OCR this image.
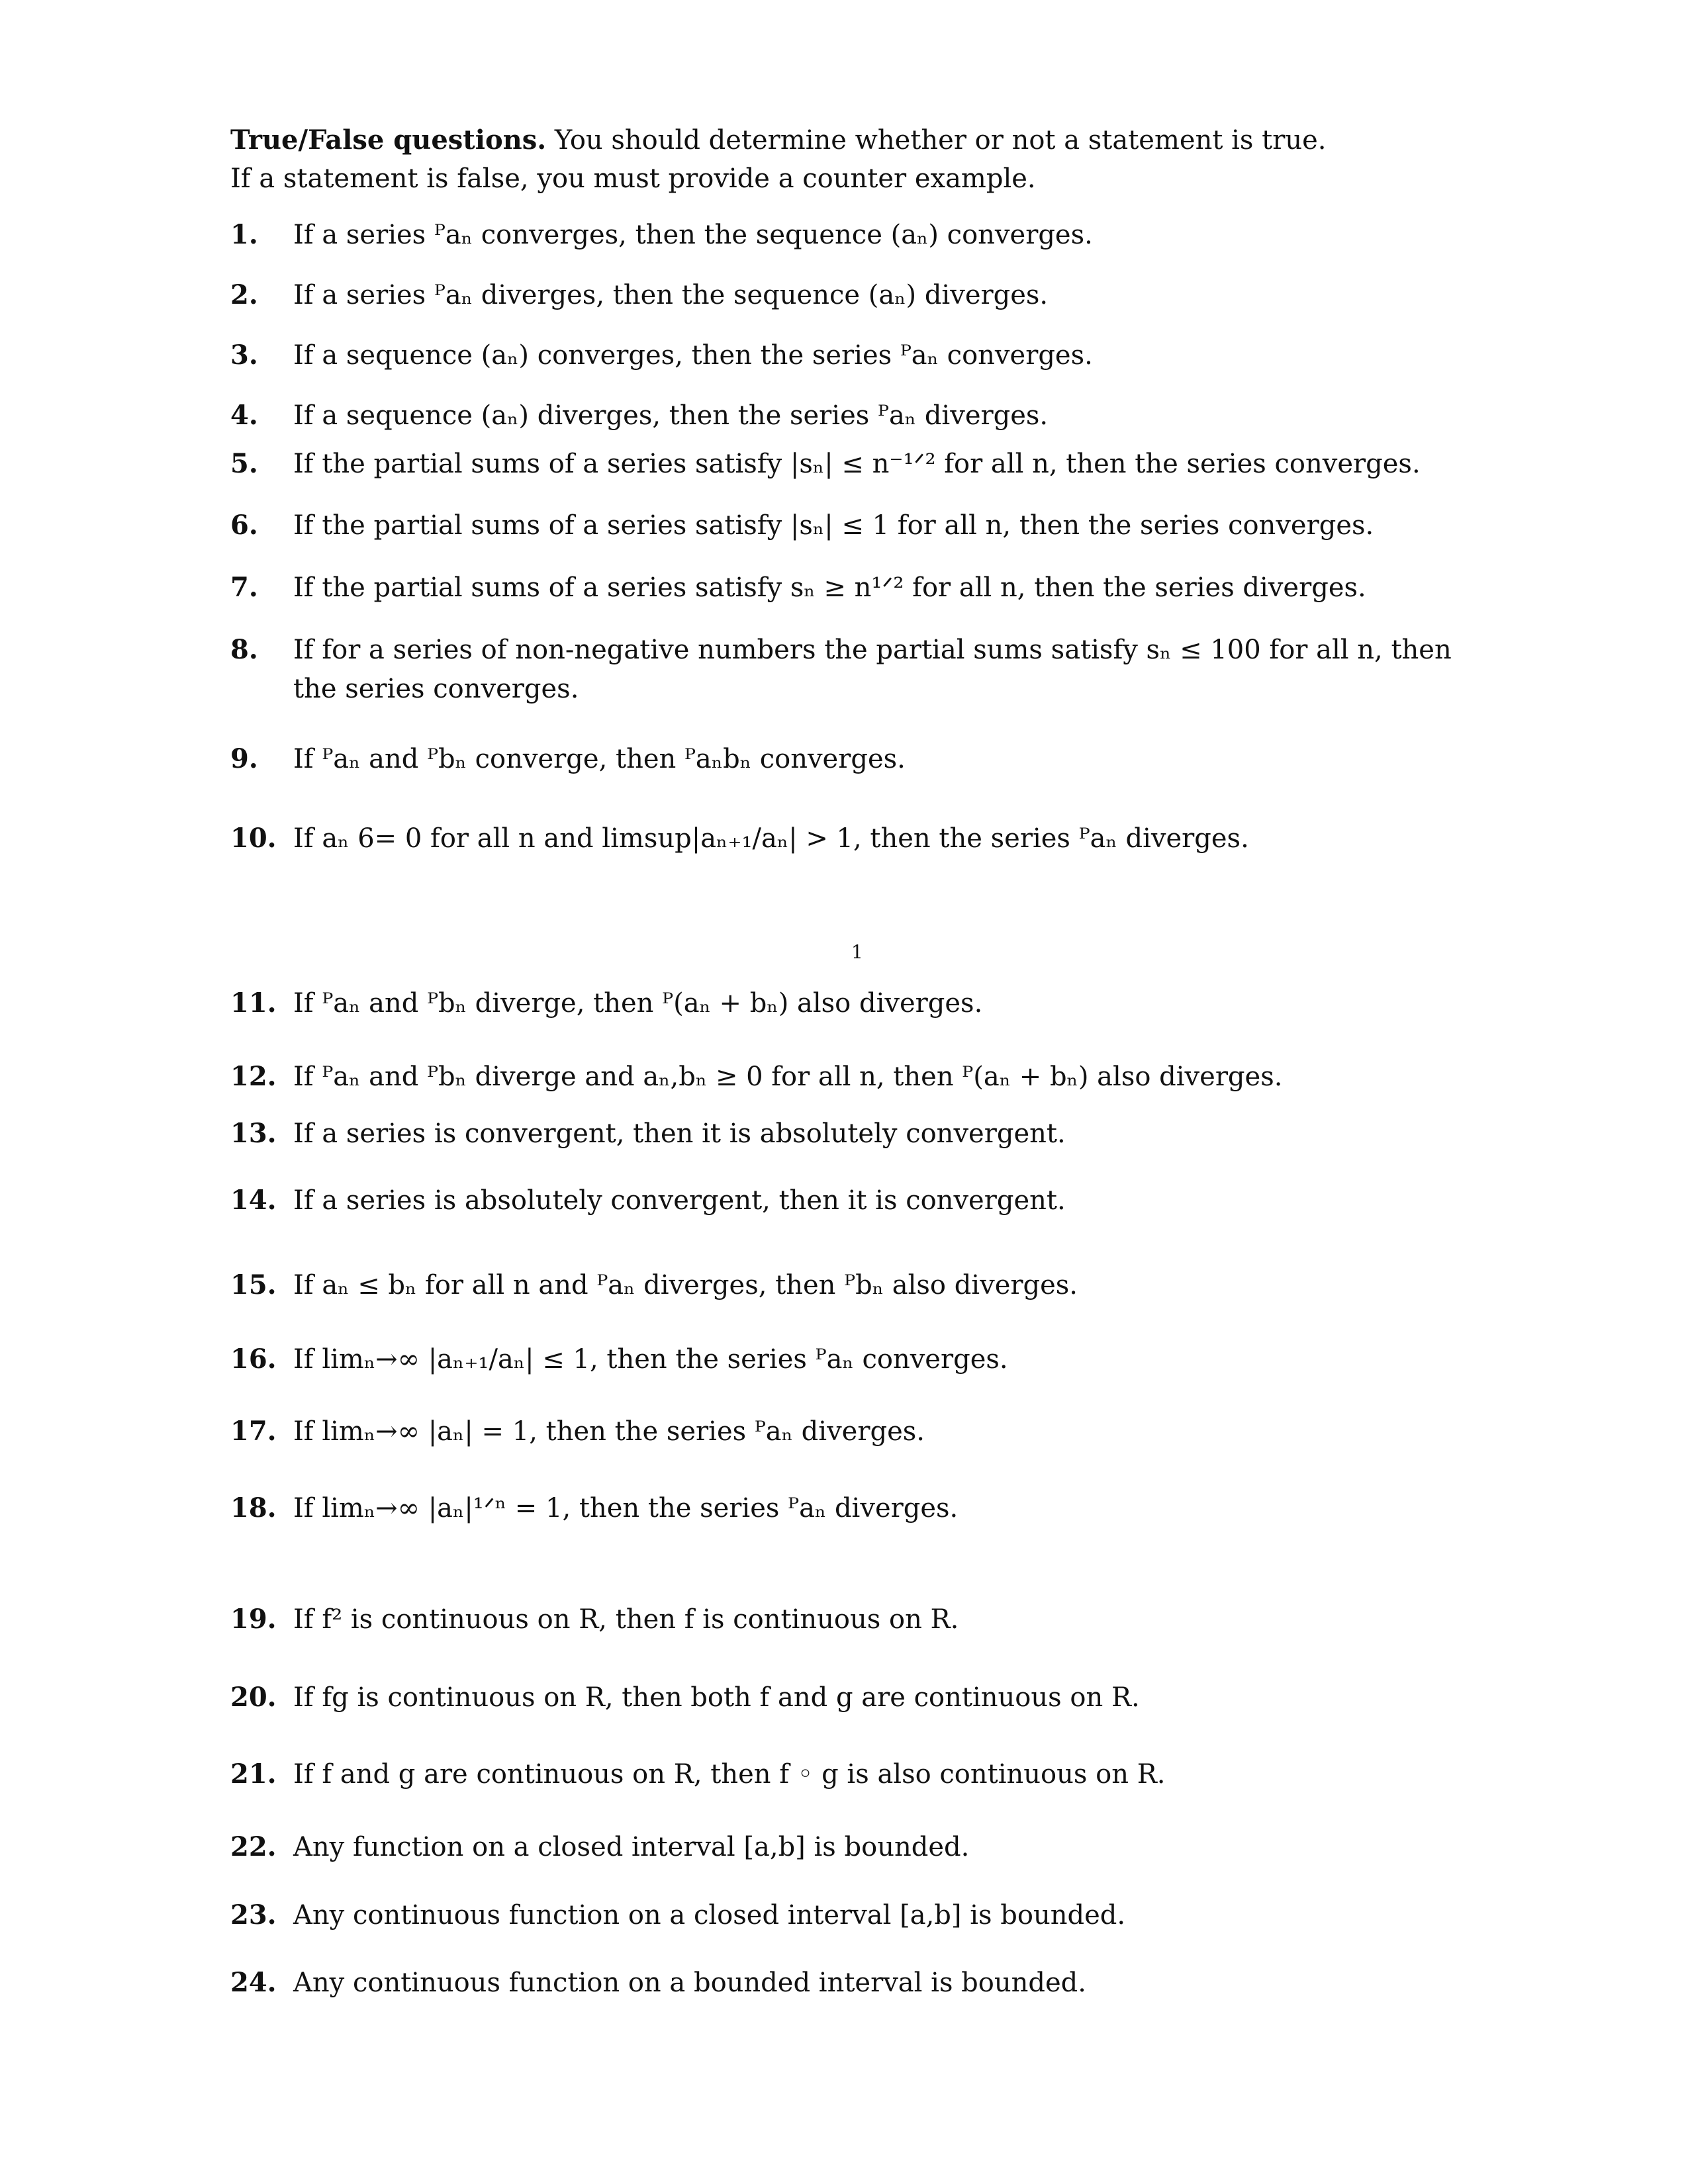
True/False questions. You should determine whether or not a statement is true.
If a statement is false, you must provide a counter example.
1. If a series ᴾaₙ converges, then the sequence (aₙ) converges.
2. If a series ᴾaₙ diverges, then the sequence (aₙ) diverges.
3. If a sequence (aₙ) converges, then the series ᴾaₙ converges.
4. If a sequence (aₙ) diverges, then the series ᴾaₙ diverges.
5. If the partial sums of a series satisfy |sₙ| ≤ n⁻¹ᐟ² for all n, then the series converges.
6. If the partial sums of a series satisfy |sₙ| ≤ 1 for all n, then the series converges.
7. If the partial sums of a series satisfy sₙ ≥ n¹ᐟ² for all n, then the series diverges.
8. If for a series of non-negative numbers the partial sums satisfy sₙ ≤ 100 for all n, then
the series converges.
9. If ᴾaₙ and ᴾbₙ converge, then ᴾaₙbₙ converges.
10. If aₙ 6= 0 for all n and limsup|aₙ₊₁/aₙ| > 1, then the series ᴾaₙ diverges.
1
11. If ᴾaₙ and ᴾbₙ diverge, then ᴾ(aₙ + bₙ) also diverges.
12. If ᴾaₙ and ᴾbₙ diverge and aₙ,bₙ ≥ 0 for all n, then ᴾ(aₙ + bₙ) also diverges.
13. If a series is convergent, then it is absolutely convergent.
14. If a series is absolutely convergent, then it is convergent.
15. If aₙ ≤ bₙ for all n and ᴾaₙ diverges, then ᴾbₙ also diverges.
16. If limₙ→∞ |aₙ₊₁/aₙ| ≤ 1, then the series ᴾaₙ converges.
17. If limₙ→∞ |aₙ| = 1, then the series ᴾaₙ diverges.
18. If limₙ→∞ |aₙ|¹ᐟⁿ = 1, then the series ᴾaₙ diverges.
19. If f² is continuous on R, then f is continuous on R.
20. If fg is continuous on R, then both f and g are continuous on R.
21. If f and g are continuous on R, then f ◦ g is also continuous on R.
22. Any function on a closed interval [a,b] is bounded.
23. Any continuous function on a closed interval [a,b] is bounded.
24. Any continuous function on a bounded interval is bounded.
